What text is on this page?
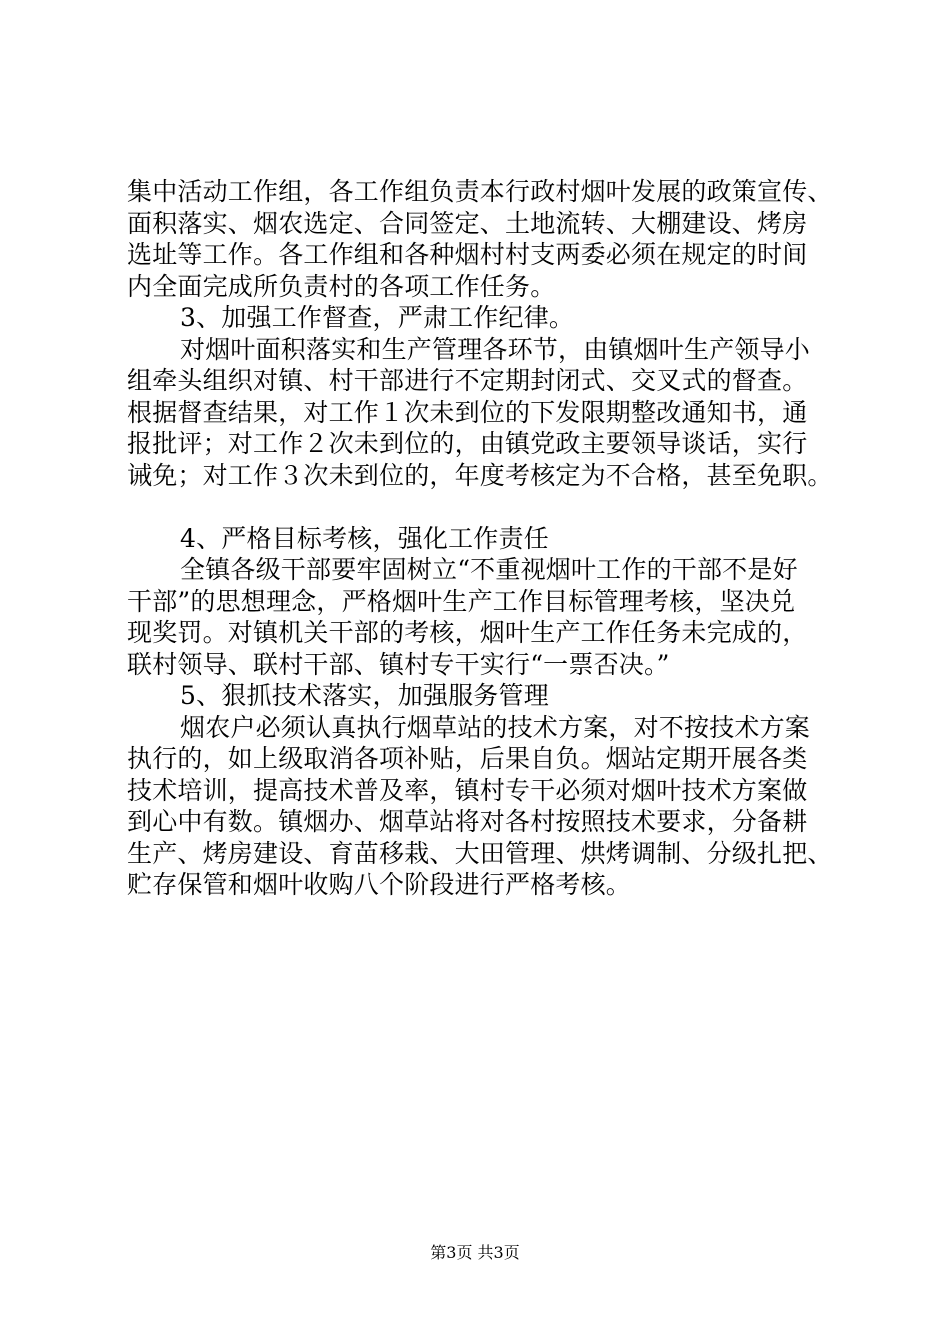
集中活动工作组，各工作组负责本行政村烟叶发展的政策宣传、
面积落实、烟农选定、合同签定、土地流转、大棚建设、烤房
选址等工作。各工作组和各种烟村村支两委必须在规定的时间
内全面完成所负责村的各项工作任务。
3、加强工作督查，严肃工作纪律。
对烟叶面积落实和生产管理各环节，由镇烟叶生产领导小
组牵头组织对镇、村干部进行不定期封闭式、交叉式的督查。
根据督查结果，对工作１次未到位的下发限期整改通知书，通
报批评；对工作２次未到位的，由镇党政主要领导谈话，实行
诫免；对工作３次未到位的，年度考核定为不合格，甚至免职。
4、严格目标考核，强化工作责任
全镇各级干部要牢固树立“不重视烟叶工作的干部不是好
干部”的思想理念，严格烟叶生产工作目标管理考核，坚决兑
现奖罚。对镇机关干部的考核，烟叶生产工作任务未完成的，
联村领导、联村干部、镇村专干实行“一票否决。”
5、狠抓技术落实，加强服务管理
烟农户必须认真执行烟草站的技术方案，对不按技术方案
执行的，如上级取消各项补贴，后果自负。烟站定期开展各类
技术培训，提高技术普及率，镇村专干必须对烟叶技术方案做
到心中有数。镇烟办、烟草站将对各村按照技术要求，分备耕
生产、烤房建设、育苗移栽、大田管理、烘烤调制、分级扎把、
贮存保管和烟叶收购八个阶段进行严格考核。
第3页 共3页
